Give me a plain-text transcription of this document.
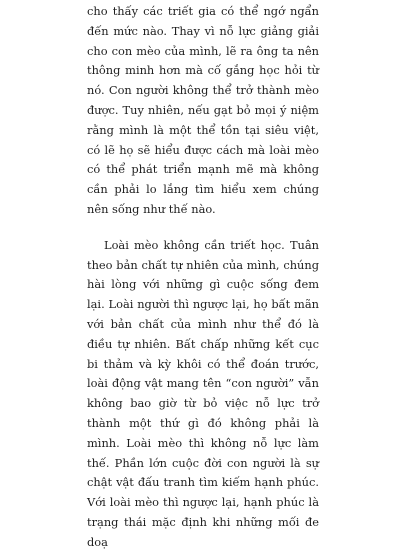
cho thấy các triết gia có thể ngớ ngẩn đến mức nào. Thay vì nỗ lực giảng giải cho con mèo của mình, lẽ ra ông ta nên thông minh hơn mà cố gắng học hỏi từ nó. Con người không thể trở thành mèo được. Tuy nhiên, nếu gạt bỏ mọi ý niệm rằng mình là một thể tồn tại siêu việt, có lẽ họ sẽ hiểu được cách mà loài mèo có thể phát triển mạnh mẽ mà không cần phải lo lắng tìm hiểu xem chúng nên sống như thế nào.

Loài mèo không cần triết học. Tuân theo bản chất tự nhiên của mình, chúng hài lòng với những gì cuộc sống đem lại. Loài người thì ngược lại, họ bất mãn với bản chất của mình như thể đó là điều tự nhiên. Bất chấp những kết cục bi thảm và kỳ khôi có thể đoán trước, loài động vật mang tên “con người” vẫn không bao giờ từ bỏ việc nỗ lực trở thành một thứ gì đó không phải là mình. Loài mèo thì không nỗ lực làm thế. Phần lớn cuộc đời con người là sự chật vật đấu tranh tìm kiếm hạnh phúc. Với loài mèo thì ngược lại, hạnh phúc là trạng thái mặc định khi những mối đe doạ
